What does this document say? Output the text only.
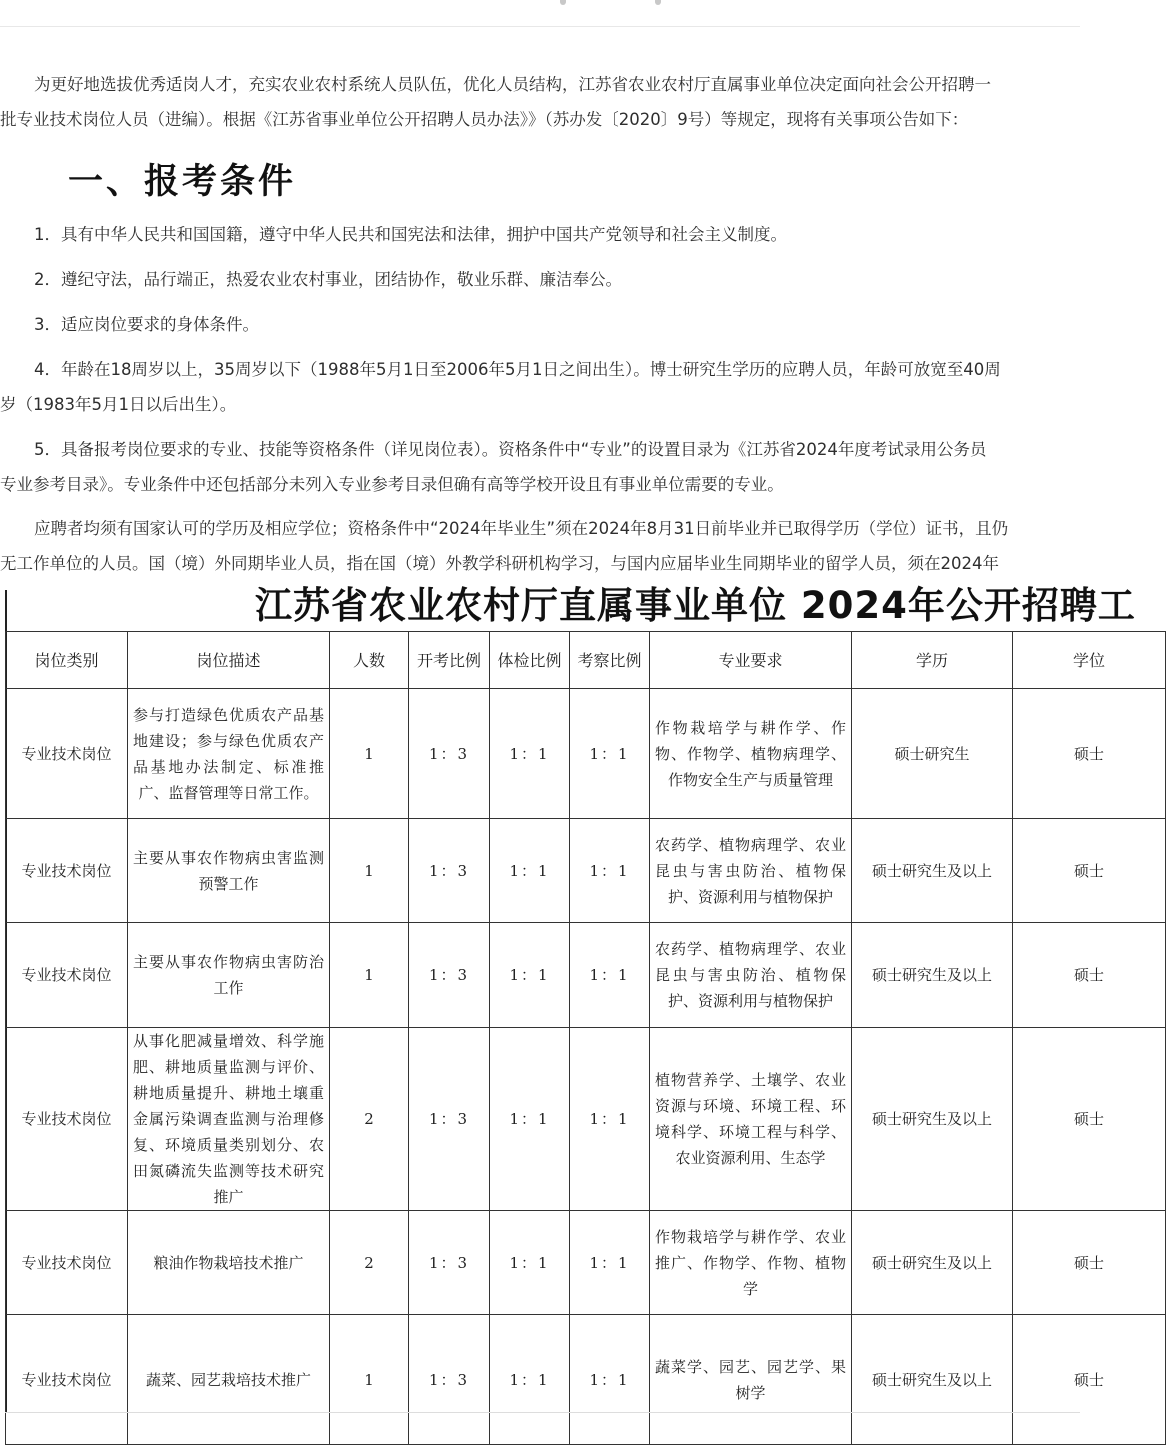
为更好地选拔优秀适岗人才，充实农业农村系统人员队伍，优化人员结构，江苏省农业农村厅直属事业单位决定面向社会公开招聘一

批专业技术岗位人员（进编）。根据《江苏省事业单位公开招聘人员办法》》（苏办发〔2020〕9号）等规定，现将有关事项公告如下：

一、报考条件

1．具有中华人民共和国国籍，遵守中华人民共和国宪法和法律，拥护中国共产党领导和社会主义制度。

2．遵纪守法，品行端正，热爱农业农村事业，团结协作，敬业乐群、廉洁奉公。

3．适应岗位要求的身体条件。

4．年龄在18周岁以上，35周岁以下（1988年5月1日至2006年5月1日之间出生）。博士研究生学历的应聘人员，年龄可放宽至40周

岁（1983年5月1日以后出生）。

5．具备报考岗位要求的专业、技能等资格条件（详见岗位表）。资格条件中“专业”的设置目录为《江苏省2024年度考试录用公务员

专业参考目录》。专业条件中还包括部分未列入专业参考目录但确有高等学校开设且有事业单位需要的专业。

应聘者均须有国家认可的学历及相应学位；资格条件中“2024年毕业生”须在2024年8月31日前毕业并已取得学历（学位）证书，且仍

无工作单位的人员。国（境）外同期毕业人员，指在国（境）外教学科研机构学习，与国内应届毕业生同期毕业的留学人员，须在2024年

江苏省农业农村厅直属事业单位 2024年公开招聘工
岗位类别	岗位描述	人数	开考比例	体检比例	考察比例	专业要求	学历	学位
专业技术岗位	参与打造绿色优质农产品基地建设；参与绿色优质农产品基地办法制定、标准推广、监督管理等日常工作。	1	1：3	1：1	1：1	作物栽培学与耕作学、作物、作物学、植物病理学、作物安全生产与质量管理	硕士研究生	硕士
专业技术岗位	主要从事农作物病虫害监测预警工作	1	1：3	1：1	1：1	农药学、植物病理学、农业昆虫与害虫防治、植物保护、资源利用与植物保护	硕士研究生及以上	硕士
专业技术岗位	主要从事农作物病虫害防治工作	1	1：3	1：1	1：1	农药学、植物病理学、农业昆虫与害虫防治、植物保护、资源利用与植物保护	硕士研究生及以上	硕士
专业技术岗位	从事化肥减量增效、科学施肥、耕地质量监测与评价、耕地质量提升、耕地土壤重金属污染调查监测与治理修复、环境质量类别划分、农田氮磷流失监测等技术研究推广	2	1：3	1：1	1：1	植物营养学、土壤学、农业资源与环境、环境工程、环境科学、环境工程与科学、农业资源利用、生态学	硕士研究生及以上	硕士
专业技术岗位	粮油作物栽培技术推广	2	1：3	1：1	1：1	作物栽培学与耕作学、农业推广、作物学、作物、植物学	硕士研究生及以上	硕士
专业技术岗位	蔬菜、园艺栽培技术推广	1	1：3	1：1	1：1	蔬菜学、园艺、园艺学、果树学	硕士研究生及以上	硕士
